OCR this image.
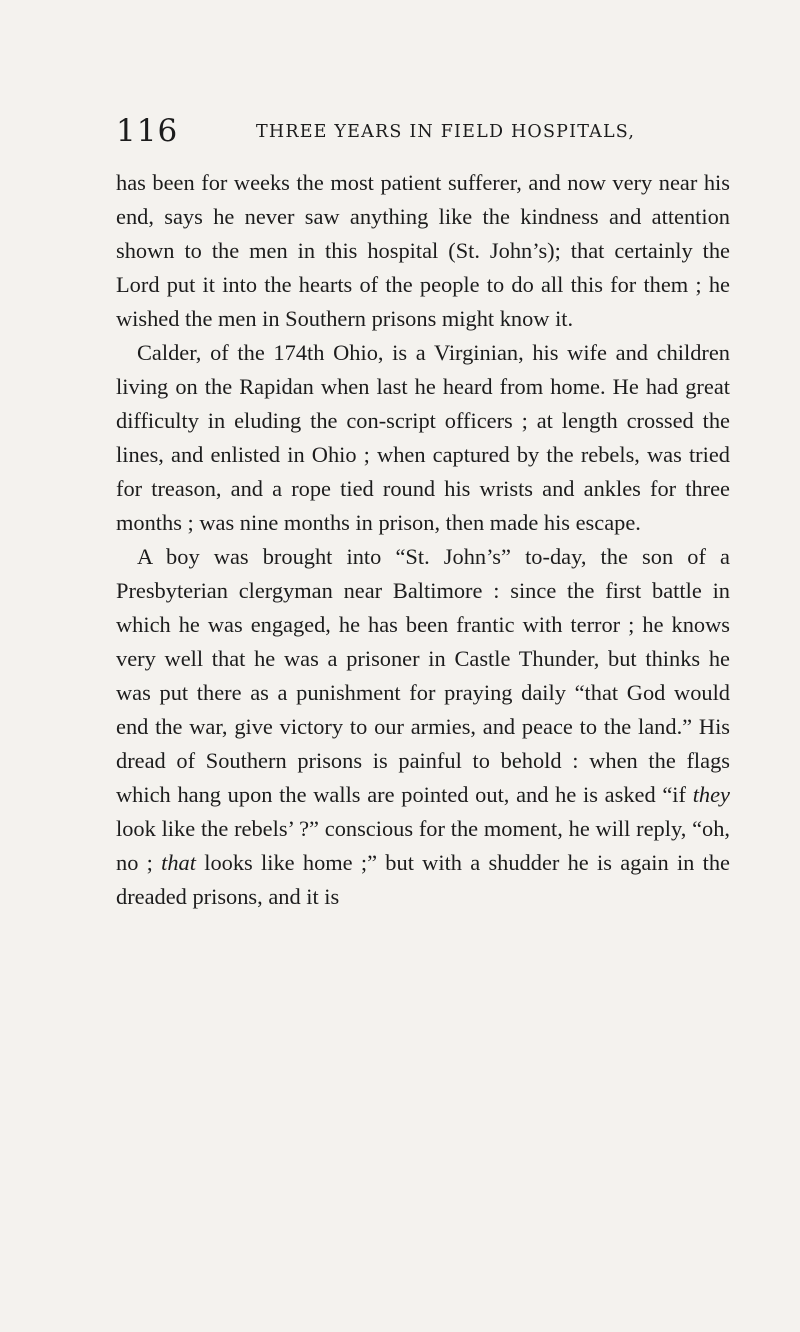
116	THREE YEARS IN FIELD HOSPITALS,

has been for weeks the most patient sufferer, and now very near his end, says he never saw anything like the kindness and attention shown to the men in this hospital (St. John’s); that certainly the Lord put it into the hearts of the people to do all this for them ; he wished the men in Southern prisons might know it.

Calder, of the 174th Ohio, is a Virginian, his wife and children living on the Rapidan when last he heard from home. He had great difficulty in eluding the con-script officers ; at length crossed the lines, and enlisted in Ohio ; when captured by the rebels, was tried for treason, and a rope tied round his wrists and ankles for three months ; was nine months in prison, then made his escape.

A boy was brought into “St. John’s” to-day, the son of a Presbyterian clergyman near Baltimore : since the first battle in which he was engaged, he has been frantic with terror ; he knows very well that he was a prisoner in Castle Thunder, but thinks he was put there as a punishment for praying daily “that God would end the war, give victory to our armies, and peace to the land.” His dread of Southern prisons is painful to behold : when the flags which hang upon the walls are pointed out, and he is asked “if they look like the rebels’ ?” conscious for the moment, he will reply, “oh, no ; that looks like home ;” but with a shudder he is again in the dreaded prisons, and it is
